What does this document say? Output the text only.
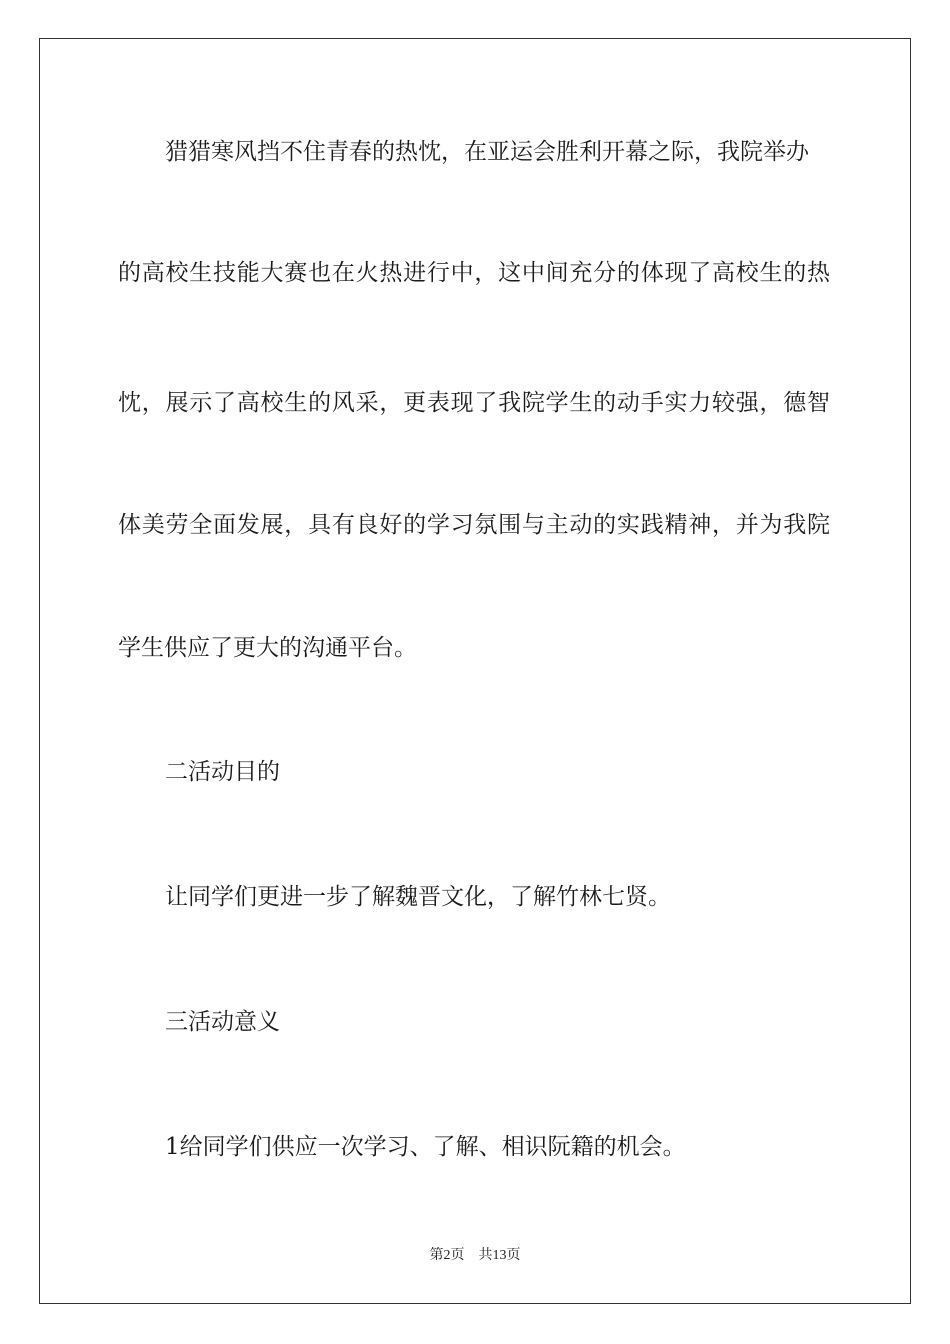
猎猎寒风挡不住青春的热忱，在亚运会胜利开幕之际，我院举办
的高校生技能大赛也在火热进行中，这中间充分的体现了高校生的热
忱，展示了高校生的风采，更表现了我院学生的动手实力较强，德智
体美劳全面发展，具有良好的学习氛围与主动的实践精神，并为我院
学生供应了更大的沟通平台。
二活动目的
让同学们更进一步了解魏晋文化，了解竹林七贤。
三活动意义
1给同学们供应一次学习、了解、相识阮籍的机会。
第2页 共13页
